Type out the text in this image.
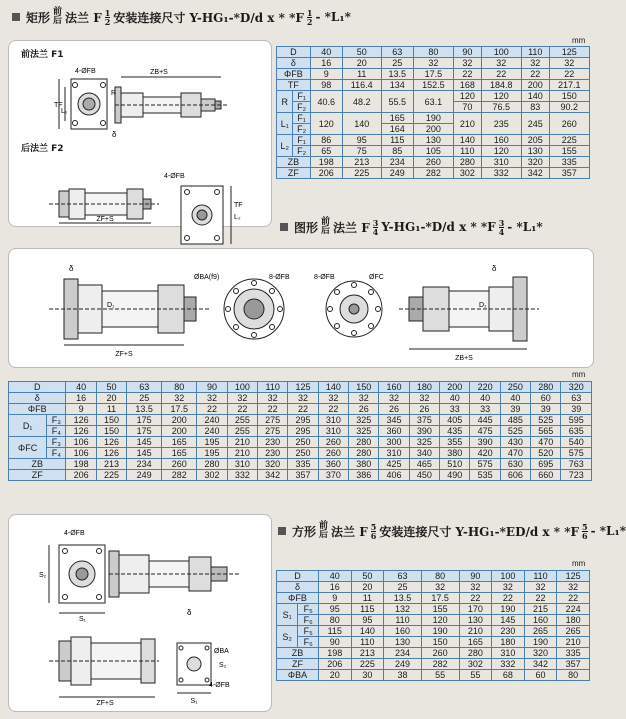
矩形 前
后 法兰 F $\frac{1}{2}$ 安装连接尺寸 Y-HG₁-*D/d x * $*F \frac{1}{2} - *L_1*$
前法兰 F1
后法兰 F2
ZB+S
4-ØFB
TF
L₁
δ
R
4-ØFB
TF
L₂
ZF+S
mm
D		40	50	63	80	90	100	110	125
δ		16	20	25	32	32	32	32	32
ΦFB		9	11	13.5	17.5	22	22	22	22
TF		98	116.4	134	152.5	168	184.8	200	217.1
R	F₁	40.6	48.2	55.5	63.1	120	120	140	150
	F₂					70	76.5	83	90.2
L₁	F₁	120	140	165	190	210	235	245	260
	F₂			164	200				
L₂	F₁	86	95	115	130	140	160	205	225
	F₂	65	75	85	105	110	120	130	155
ZB		198	213	234	260	280	310	320	335
ZF		206	225	249	282	302	332	342	357
图形 前
后 法兰 F $\frac{3}{4} Y-HG_1-*D/d$ x * $*F \frac{3}{4} - *L_1*$
δ
D₁
ZF+S
ØBA(f9)	8-ØFB	8-ØFB	ØFC
D₁
ZB+S
δ
mm
D		40	50	63	80	90	100	110	125	140	150	160	180	200	220	250	280	320
δ		16	20	25	32	32	32	32	32	32	32	32	32	40	40	40	60	63
ΦFB		9	11	13.5	17.5	22	22	22	22	22	26	26	26	33	33	39	39	39
D₁	F₃	126	150	175	200	240	255	275	295	310	325	345	375	405	445	485	525	595
	F₄	126	150	175	200	240	255	275	295	310	325	360	390	435	475	525	565	635
ΦFC	F₃	106	126	145	165	195	210	230	250	260	280	300	325	355	390	430	470	540
	F₄	106	126	145	165	195	210	230	250	260	280	310	340	380	420	470	520	575
ZB		198	213	234	260	280	310	320	335	360	380	425	465	510	575	630	695	763
ZF		206	225	249	282	302	332	342	357	370	386	406	450	490	535	606	660	723
4-ØFB
S₂
S₁
δ
S₂
S₁
ZF+S
ØBA
4-ØFB
方形 前
后 法兰 F $\frac{5}{6}$ 安装连接尺寸 Y-HG₁-*ED/d x * $*F \frac{5}{6} - *L_1*$
mm
D		40	50	63	80	90	100	110	125
δ		16	20	25	32	32	32	32	32
ΦFB		9	11	13.5	17.5	22	22	22	22
S₁	F₅	95	115	132	155	170	190	215	224
	F₆	80	95	110	120	130	145	160	180
S₂	F₅	115	140	160	190	210	230	265	265
	F₆	90	110	130	150	165	180	190	210
ZB		198	213	234	260	280	310	320	335
ZF		206	225	249	282	302	332	342	357
ΦBA		20	30	38	55	55	68	60	80
